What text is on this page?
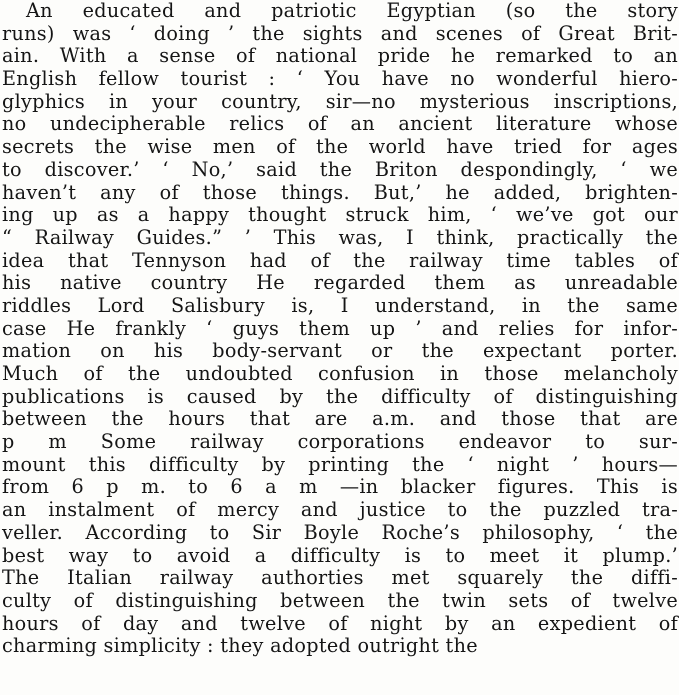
An educated and patriotic Egyptian (so the story
runs) was ‘ doing ’ the sights and scenes of Great Brit-
ain. With a sense of national pride he remarked to an
English fellow tourist : ‘ You have no wonderful hiero-
glyphics in your country, sir—no mysterious inscriptions,
no undecipherable relics of an ancient literature whose
secrets the wise men of the world have tried for ages
to discover.’ ‘ No,’ said the Briton despondingly, ‘ we
haven’t any of those things. But,’ he added, brighten-
ing up as a happy thought struck him, ‘ we’ve got our
“ Railway Guides.” ’ This was, I think, practically the
idea that Tennyson had of the railway time tables of
his native country He regarded them as unreadable
riddles Lord Salisbury is, I understand, in the same
case He frankly ‘ guys them up ’ and relies for infor-
mation on his body-servant or the expectant porter.
Much of the undoubted confusion in those melancholy
publications is caused by the difficulty of distinguishing
between the hours that are a.m. and those that are
p m Some railway corporations endeavor to sur-
mount this difficulty by printing the ‘ night ’ hours—
from 6 p m. to 6 a m —in blacker figures. This is
an instalment of mercy and justice to the puzzled tra-
veller. According to Sir Boyle Roche’s philosophy, ‘ the
best way to avoid a difficulty is to meet it plump.’
The Italian railway authorties met squarely the diffi-
culty of distinguishing between the twin sets of twelve
hours of day and twelve of night by an expedient of
charming simplicity : they adopted outright the
